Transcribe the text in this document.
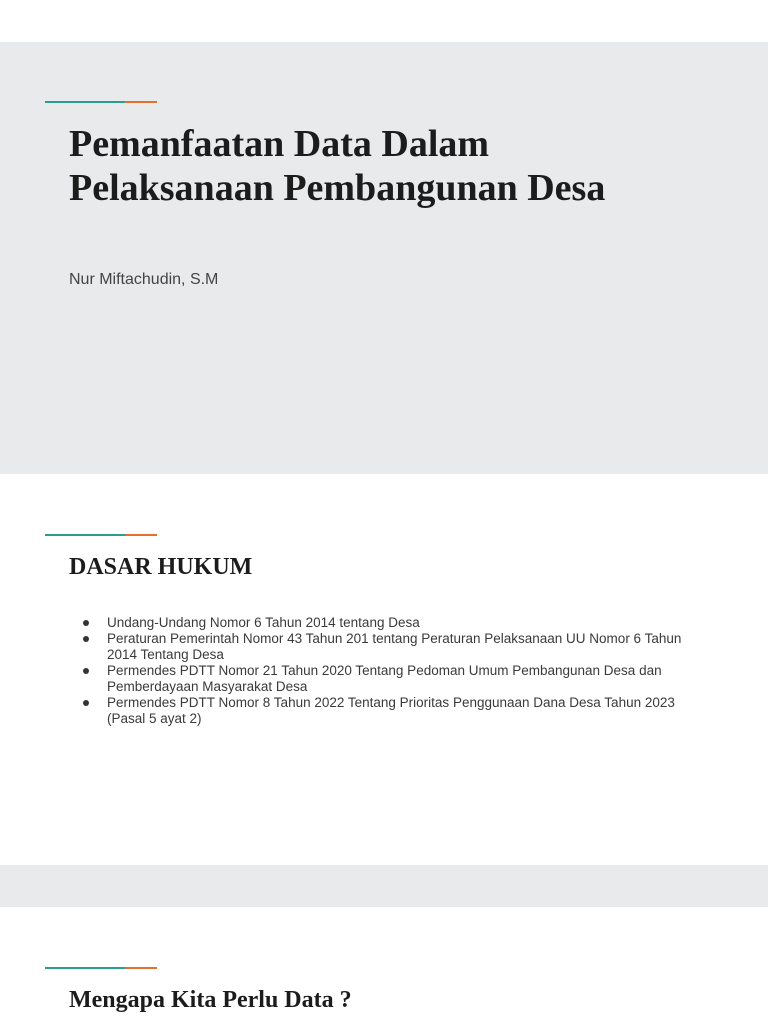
Pemanfaatan Data Dalam
Pelaksanaan Pembangunan Desa
Nur Miftachudin, S.M
DASAR HUKUM
Undang-Undang Nomor 6 Tahun 2014 tentang Desa
Peraturan Pemerintah Nomor 43 Tahun 201 tentang Peraturan Pelaksanaan UU Nomor 6 Tahun 2014 Tentang Desa
Permendes PDTT Nomor 21 Tahun 2020 Tentang Pedoman Umum Pembangunan Desa dan Pemberdayaan Masyarakat Desa
Permendes PDTT Nomor 8 Tahun 2022 Tentang Prioritas Penggunaan Dana Desa Tahun 2023 (Pasal 5 ayat 2)
Mengapa Kita Perlu Data ?
